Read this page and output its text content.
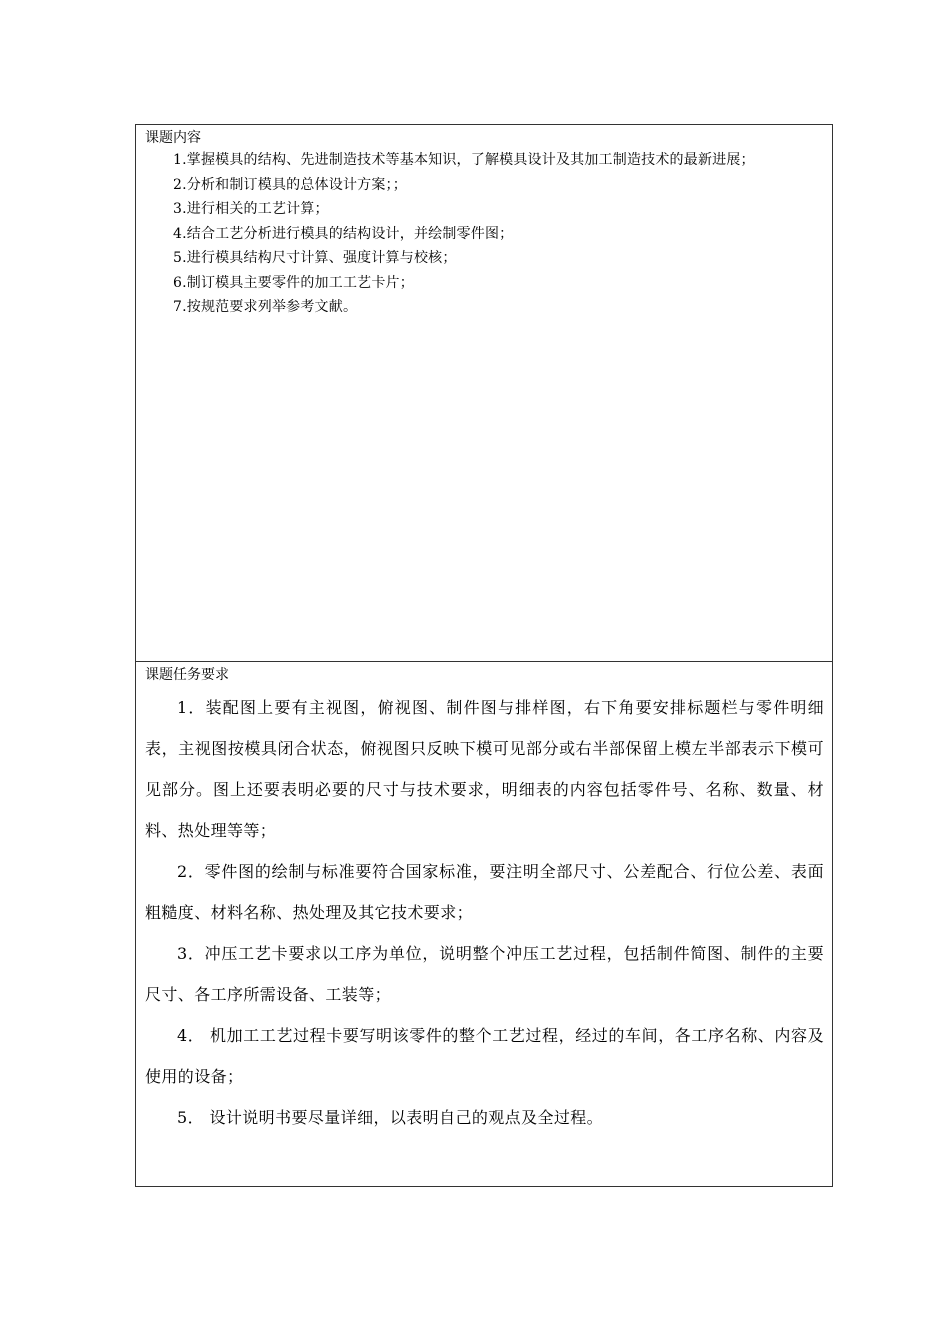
课题内容

1.掌握模具的结构、先进制造技术等基本知识，了解模具设计及其加工制造技术的最新进展；

2.分析和制订模具的总体设计方案；；

3.进行相关的工艺计算；

4.结合工艺分析进行模具的结构设计，并绘制零件图；

5.进行模具结构尺寸计算、强度计算与校核；

6.制订模具主要零件的加工工艺卡片；

7.按规范要求列举参考文献。

课题任务要求

1．装配图上要有主视图，俯视图、制件图与排样图，右下角要安排标题栏与零件明细表，主视图按模具闭合状态，俯视图只反映下模可见部分或右半部保留上模左半部表示下模可见部分。图上还要表明必要的尺寸与技术要求，明细表的内容包括零件号、名称、数量、材料、热处理等等；

2．零件图的绘制与标准要符合国家标准，要注明全部尺寸、公差配合、行位公差、表面粗糙度、材料名称、热处理及其它技术要求；

3．冲压工艺卡要求以工序为单位，说明整个冲压工艺过程，包括制件简图、制件的主要尺寸、各工序所需设备、工装等；

4． 机加工工艺过程卡要写明该零件的整个工艺过程，经过的车间，各工序名称、内容及使用的设备；

5． 设计说明书要尽量详细，以表明自己的观点及全过程。
